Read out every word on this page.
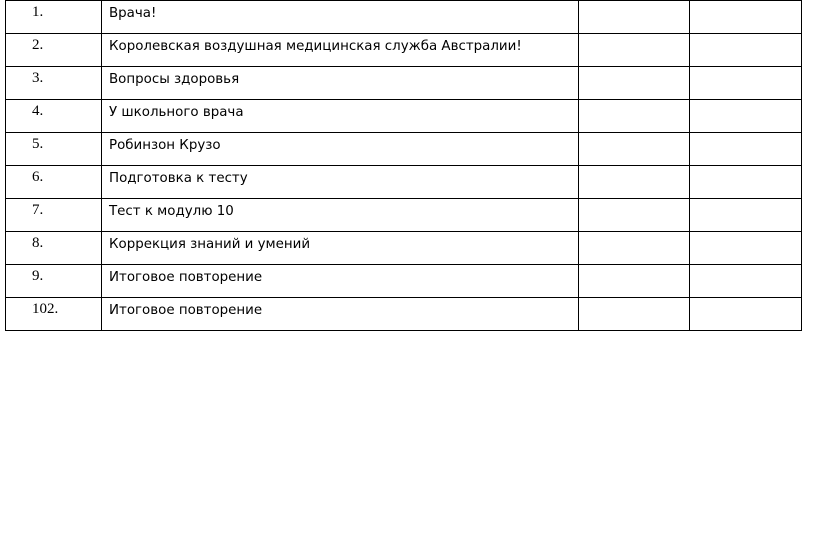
1.	Врача!		

2.	Королевская воздушная медицинская служба Австралии!		

3.	Вопросы здоровья		

4.	У школьного врача		

5.	Робинзон Крузо		

6.	Подготовка к тесту		

7.	Тест к модулю 10		

8.	Коррекция знаний и умений		

9.	Итоговое повторение		

102.	Итоговое повторение		
